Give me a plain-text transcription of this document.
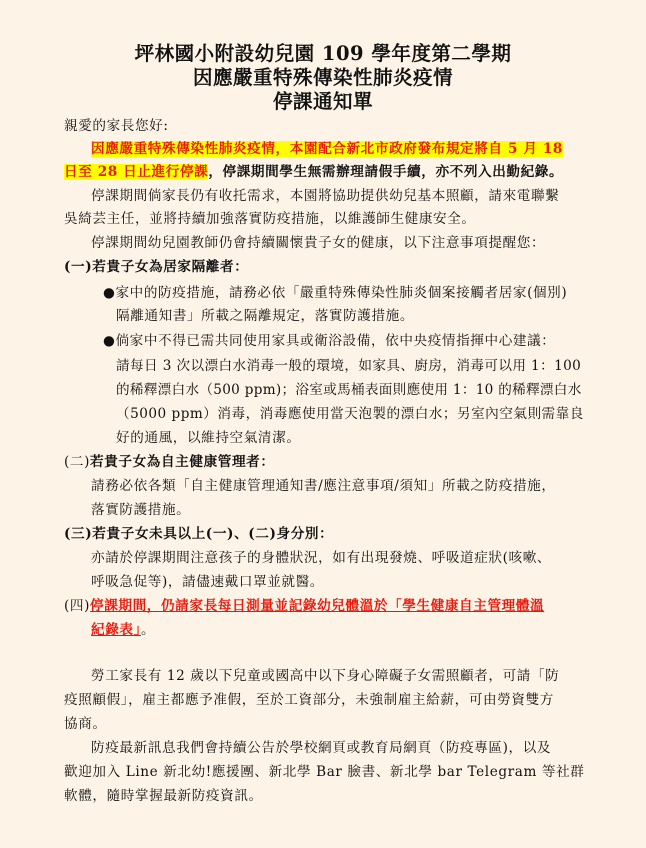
坪林國小附設幼兒園 109 學年度第二學期
因應嚴重特殊傳染性肺炎疫情
停課通知單
親愛的家長您好:
因應嚴重特殊傳染性肺炎疫情，本園配合新北市政府發布規定將自 5 月 18
日至 28 日止進行停課，停課期間學生無需辦理請假手續，亦不列入出勤紀錄。
停課期間倘家長仍有收托需求，本園將協助提供幼兒基本照顧，請來電聯繫
吳綺芸主任，並將持續加強落實防疫措施，以維護師生健康安全。
停課期間幼兒園教師仍會持續關懷貴子女的健康，以下注意事項提醒您：
(一)若貴子女為居家隔離者：
●家中的防疫措施，請務必依「嚴重特殊傳染性肺炎個案接觸者居家(個別)
隔離通知書」所載之隔離規定，落實防護措施。
●倘家中不得已需共同使用家具或衛浴設備，依中央疫情指揮中心建議：
請每日 3 次以漂白水消毒一般的環境，如家具、廚房，消毒可以用 1：100
的稀釋漂白水（500 ppm)；浴室或馬桶表面則應使用 1：10 的稀釋漂白水
（5000 ppm）消毒，消毒應使用當天泡製的漂白水；另室內空氣則需靠良
好的通風，以維持空氣清潔。
(二)若貴子女為自主健康管理者：
請務必依各類「自主健康管理通知書/應注意事項/須知」所載之防疫措施，
落實防護措施。
(三)若貴子女未具以上(一)、(二)身分別：
亦請於停課期間注意孩子的身體狀況，如有出現發燒、呼吸道症狀(咳嗽、
呼吸急促等)，請儘速戴口罩並就醫。
(四)停課期間，仍請家長每日測量並記錄幼兒體溫於「學生健康自主管理體溫
紀錄表」。
勞工家長有 12 歲以下兒童或國高中以下身心障礙子女需照顧者，可請「防
疫照顧假」，雇主都應予准假，至於工資部分，未強制雇主給薪，可由勞資雙方
協商。
防疫最新訊息我們會持續公告於學校網頁或教育局網頁（防疫專區)，以及
歡迎加入 Line 新北幼!應援團、新北學 Bar 臉書、新北學 bar Telegram 等社群
軟體，隨時掌握最新防疫資訊。
